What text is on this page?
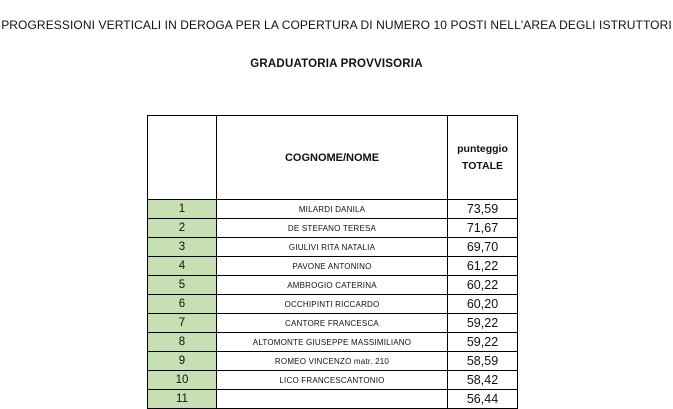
PROGRESSIONI VERTICALI IN DEROGA PER LA COPERTURA DI NUMERO 10 POSTI NELL'AREA DEGLI ISTRUTTORI
GRADUATORIA PROVVISORIA
	COGNOME/NOME	punteggio
TOTALE

1	MILARDI DANILA	73,59
2	DE STEFANO TERESA	71,67
3	GIULIVI RITA NATALIA	69,70
4	PAVONE ANTONINO	61,22
5	AMBROGIO CATERINA	60,22
6	OCCHIPINTI RICCARDO	60,20
7	CANTORE FRANCESCA	59,22
8	ALTOMONTE GIUSEPPE MASSIMILIANO	59,22
9	ROMEO VINCENZO matr. 210	58,59
10	LICO FRANCESCANTONIO	58,42
11		56,44
